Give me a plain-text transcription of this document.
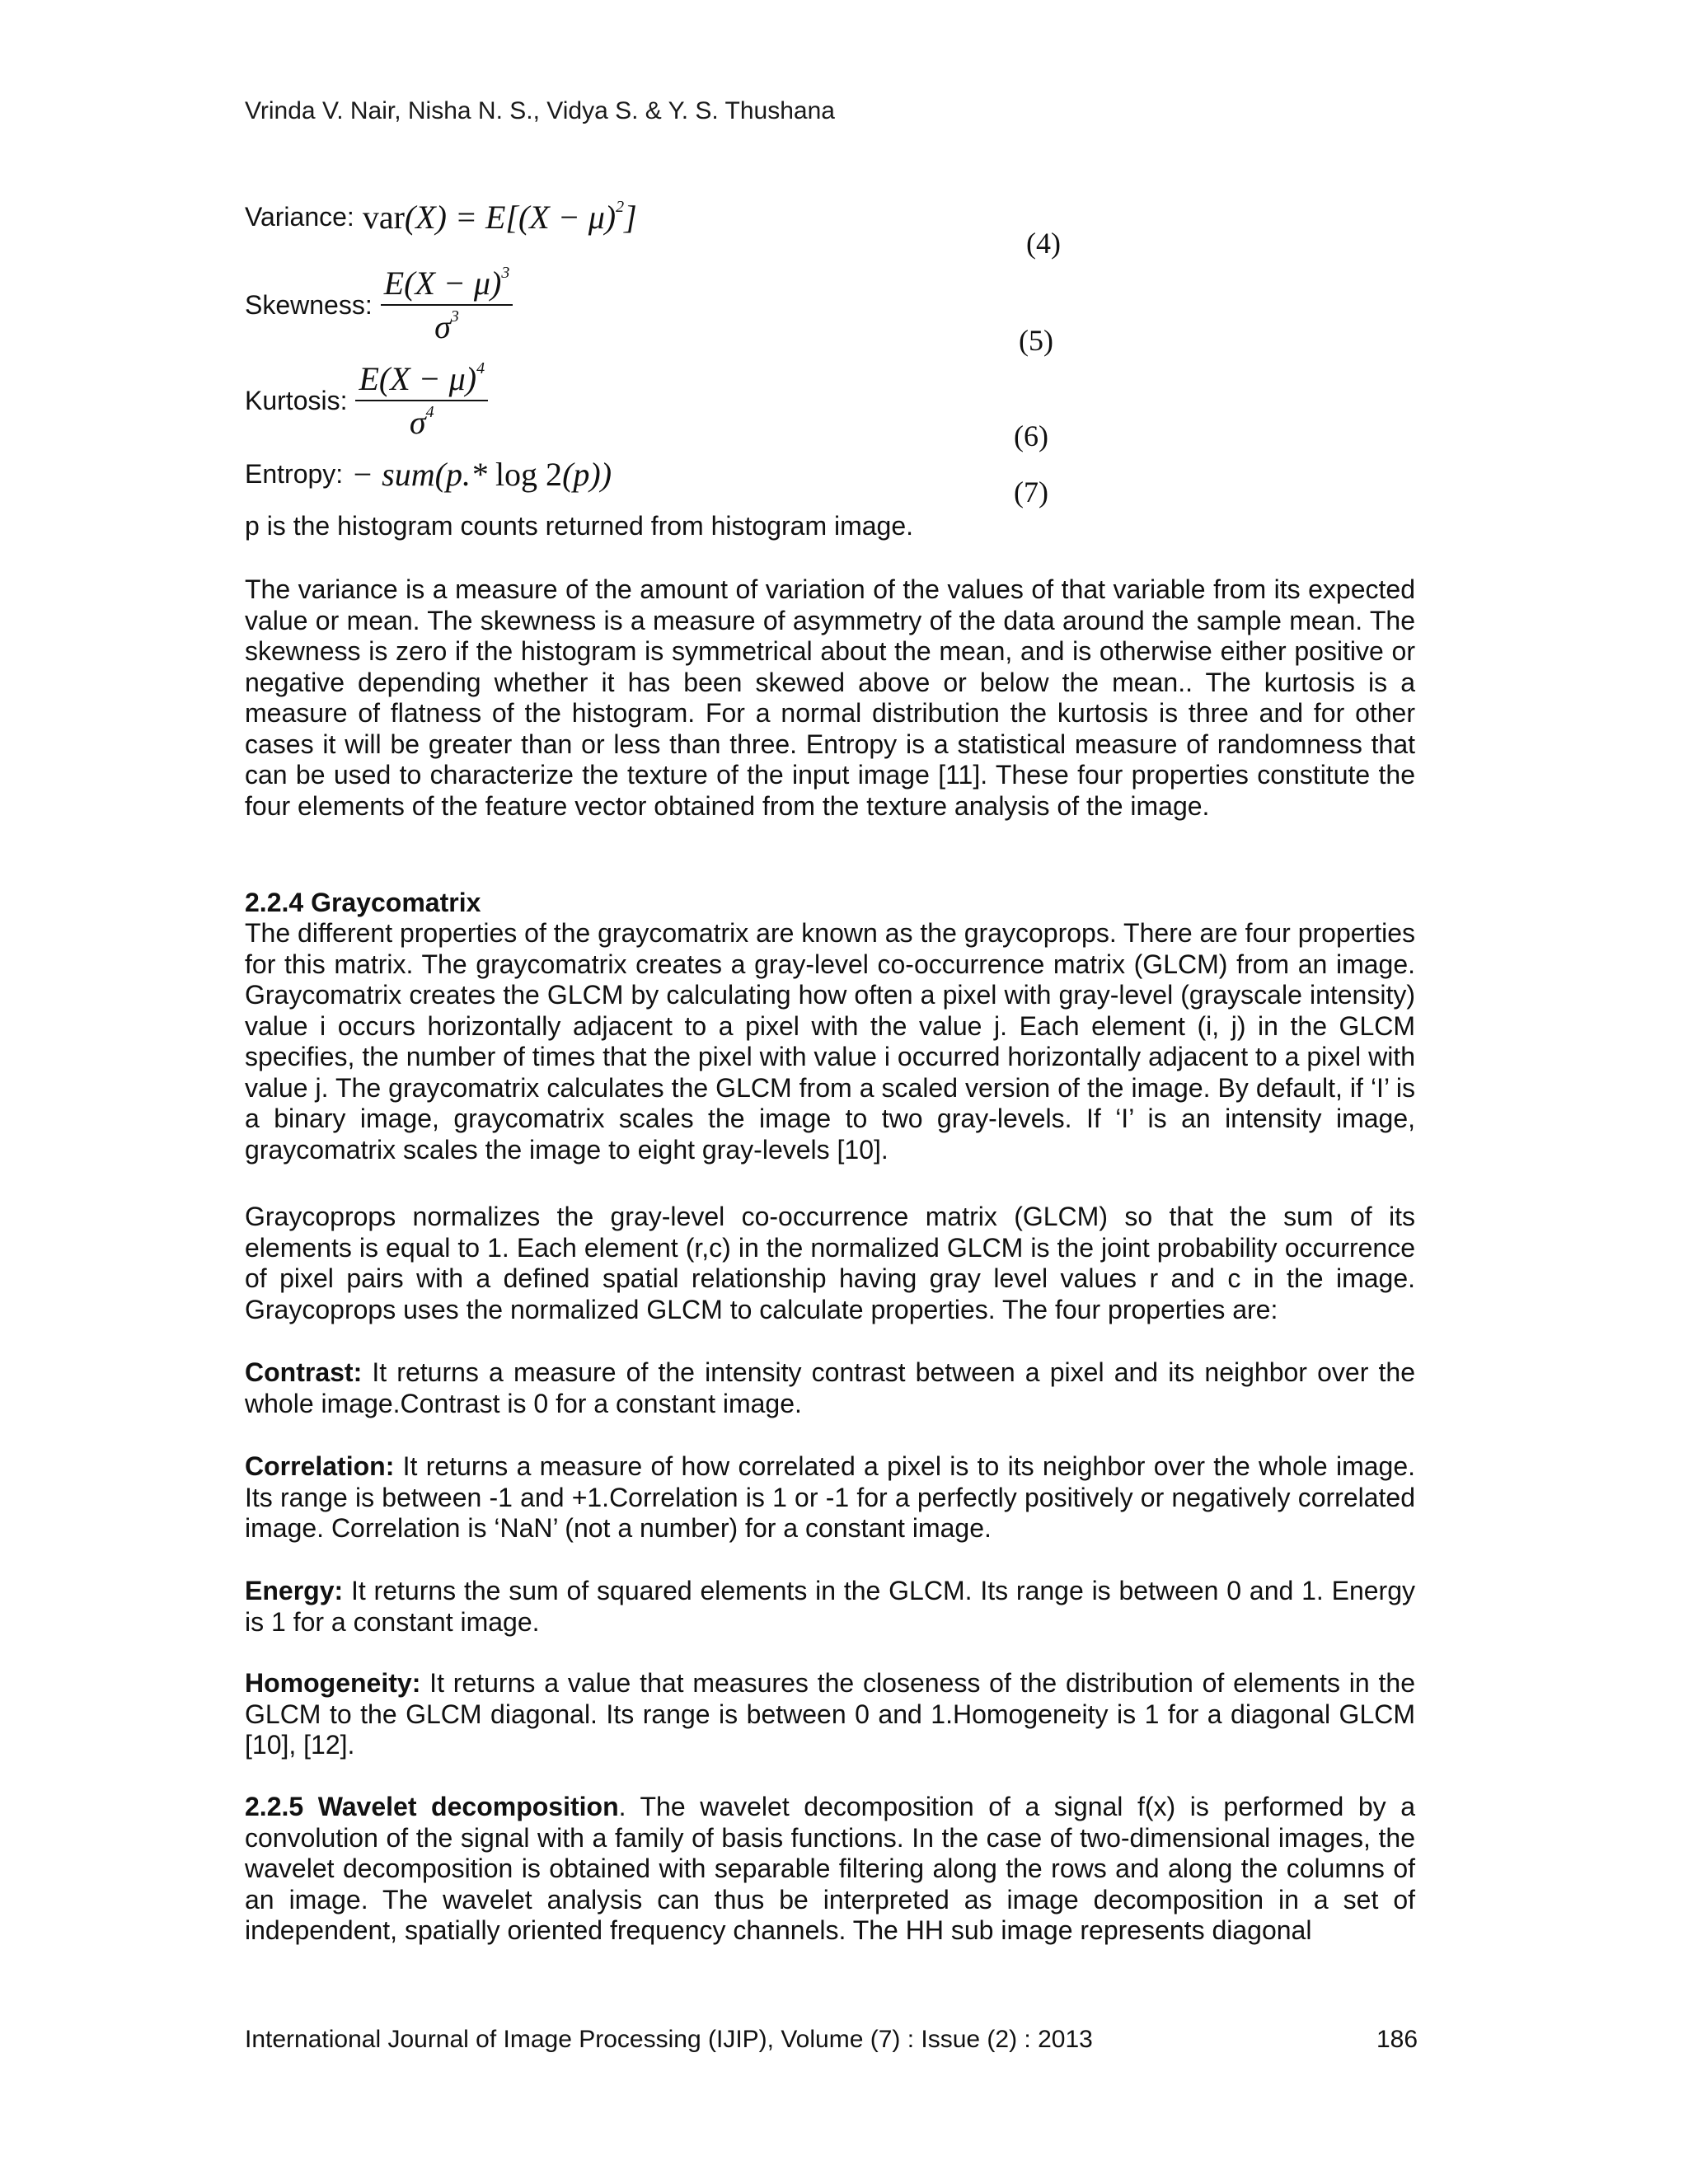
Vrinda V. Nair, Nisha N. S., Vidya S. & Y. S. Thushana
Variance: $var(X) = E[(X - \mu)^2]$
(4)
Skewness: $\frac{E(X - \mu)^3}{\sigma^3}$	(5)
Kurtosis: $\frac{E(X - \mu)^4}{\sigma^4}$	(6)
Entropy: − sum(p.* log 2(p))	(7)
p is the histogram counts returned from histogram image.

The variance is a measure of the amount of variation of the values of that variable from its expected value or mean. The skewness is a measure of asymmetry of the data around the sample mean. The skewness is zero if the histogram is symmetrical about the mean, and is otherwise either positive or negative depending whether it has been skewed above or below the mean.. The kurtosis is a measure of flatness of the histogram. For a normal distribution the kurtosis is three and for other cases it will be greater than or less than three. Entropy is a statistical measure of randomness that can be used to characterize the texture of the input image [11]. These four properties constitute the four elements of the feature vector obtained from the texture analysis of the image.

2.2.4 Graycomatrix

The different properties of the graycomatrix are known as the graycoprops. There are four properties for this matrix. The graycomatrix creates a gray-level co-occurrence matrix (GLCM) from an image. Graycomatrix creates the GLCM by calculating how often a pixel with gray-level (grayscale intensity) value i occurs horizontally adjacent to a pixel with the value j. Each element (i, j) in the GLCM specifies, the number of times that the pixel with value i occurred horizontally adjacent to a pixel with value j. The graycomatrix calculates the GLCM from a scaled version of the image. By default, if ‘I’ is a binary image, graycomatrix scales the image to two gray-levels. If ‘I’ is an intensity image, graycomatrix scales the image to eight gray-levels [10].

Graycoprops normalizes the gray-level co-occurrence matrix (GLCM) so that the sum of its elements is equal to 1. Each element (r,c) in the normalized GLCM is the joint probability occurrence of pixel pairs with a defined spatial relationship having gray level values r and c in the image. Graycoprops uses the normalized GLCM to calculate properties. The four properties are:

Contrast: It returns a measure of the intensity contrast between a pixel and its neighbor over the whole image.Contrast is 0 for a constant image.

Correlation: It returns a measure of how correlated a pixel is to its neighbor over the whole image. Its range is between -1 and +1.Correlation is 1 or -1 for a perfectly positively or negatively correlated image. Correlation is ‘NaN’ (not a number) for a constant image.

Energy: It returns the sum of squared elements in the GLCM. Its range is between 0 and 1. Energy is 1 for a constant image.

Homogeneity: It returns a value that measures the closeness of the distribution of elements in the GLCM to the GLCM diagonal. Its range is between 0 and 1.Homogeneity is 1 for a diagonal GLCM [10], [12].

2.2.5 Wavelet decomposition. The wavelet decomposition of a signal f(x) is performed by a convolution of the signal with a family of basis functions. In the case of two-dimensional images, the wavelet decomposition is obtained with separable filtering along the rows and along the columns of an image. The wavelet analysis can thus be interpreted as image decomposition in a set of independent, spatially oriented frequency channels. The HH sub image represents diagonal

International Journal of Image Processing (IJIP), Volume (7) : Issue (2) : 2013	186
